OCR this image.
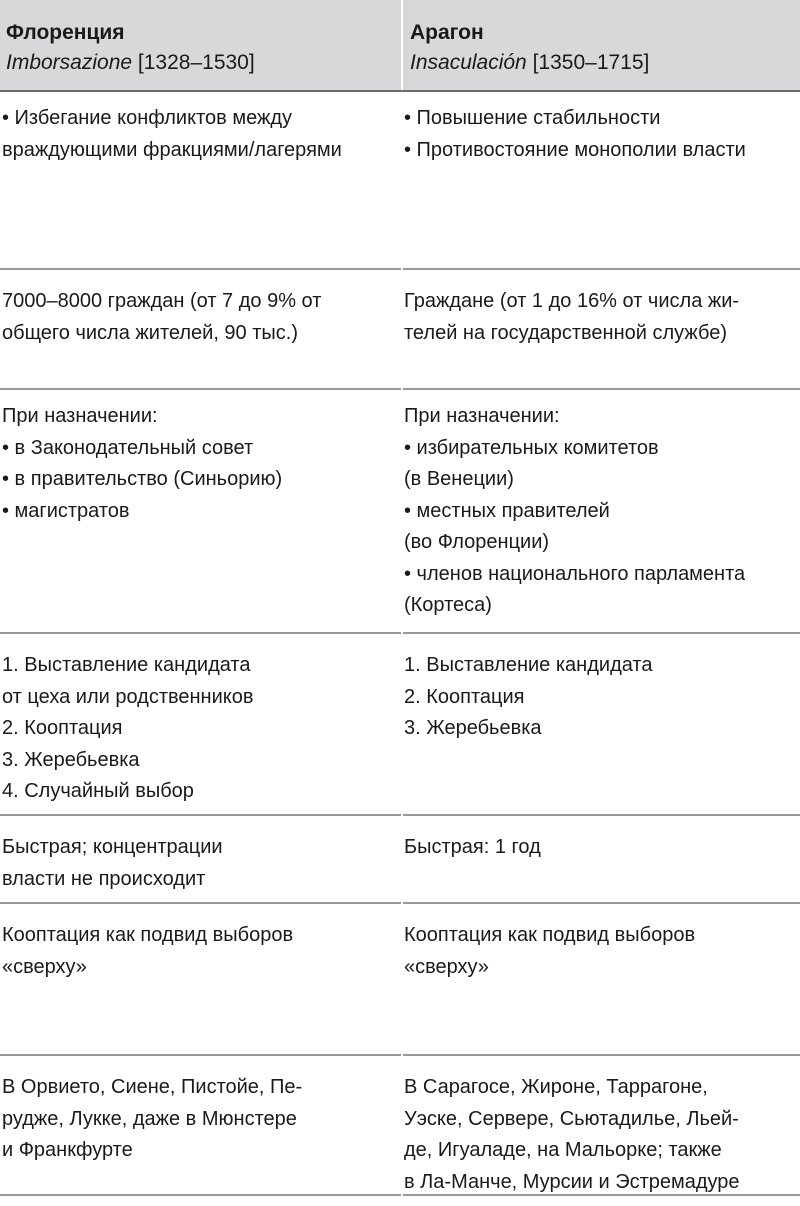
Флоренция
Imborsazione [1328–1530]
Арагон
Insaculación [1350–1715]
• Избегание конфликтов между
враждующими фракциями/лагерями
• Повышение стабильности
• Противостояние монополии власти
7000–8000 граждан (от 7 до 9% от
общего числа жителей, 90 тыс.)
Граждане (от 1 до 16% от числа жи-
телей на государственной службе)
При назначении:
• в Законодательный совет
• в правительство (Синьорию)
• магистратов
При назначении:
• избирательных комитетов
(в Венеции)
• местных правителей
(во Флоренции)
• членов национального парламента
(Кортеса)
1. Выставление кандидата
от цеха или родственников
2. Кооптация
3. Жеребьевка
4. Случайный выбор
1. Выставление кандидата
2. Кооптация
3. Жеребьевка
Быстрая; концентрации
власти не происходит
Быстрая: 1 год
Кооптация как подвид выборов
«сверху»
Кооптация как подвид выборов
«сверху»
В Орвието, Сиене, Пистойе, Пе-
рудже, Лукке, даже в Мюнстере
и Франкфурте
В Сарагосе, Жироне, Таррагоне,
Уэске, Сервере, Сьютадилье, Льей-
де, Игуаладе, на Мальорке; также
в Ла-Манче, Мурсии и Эстремадуре
